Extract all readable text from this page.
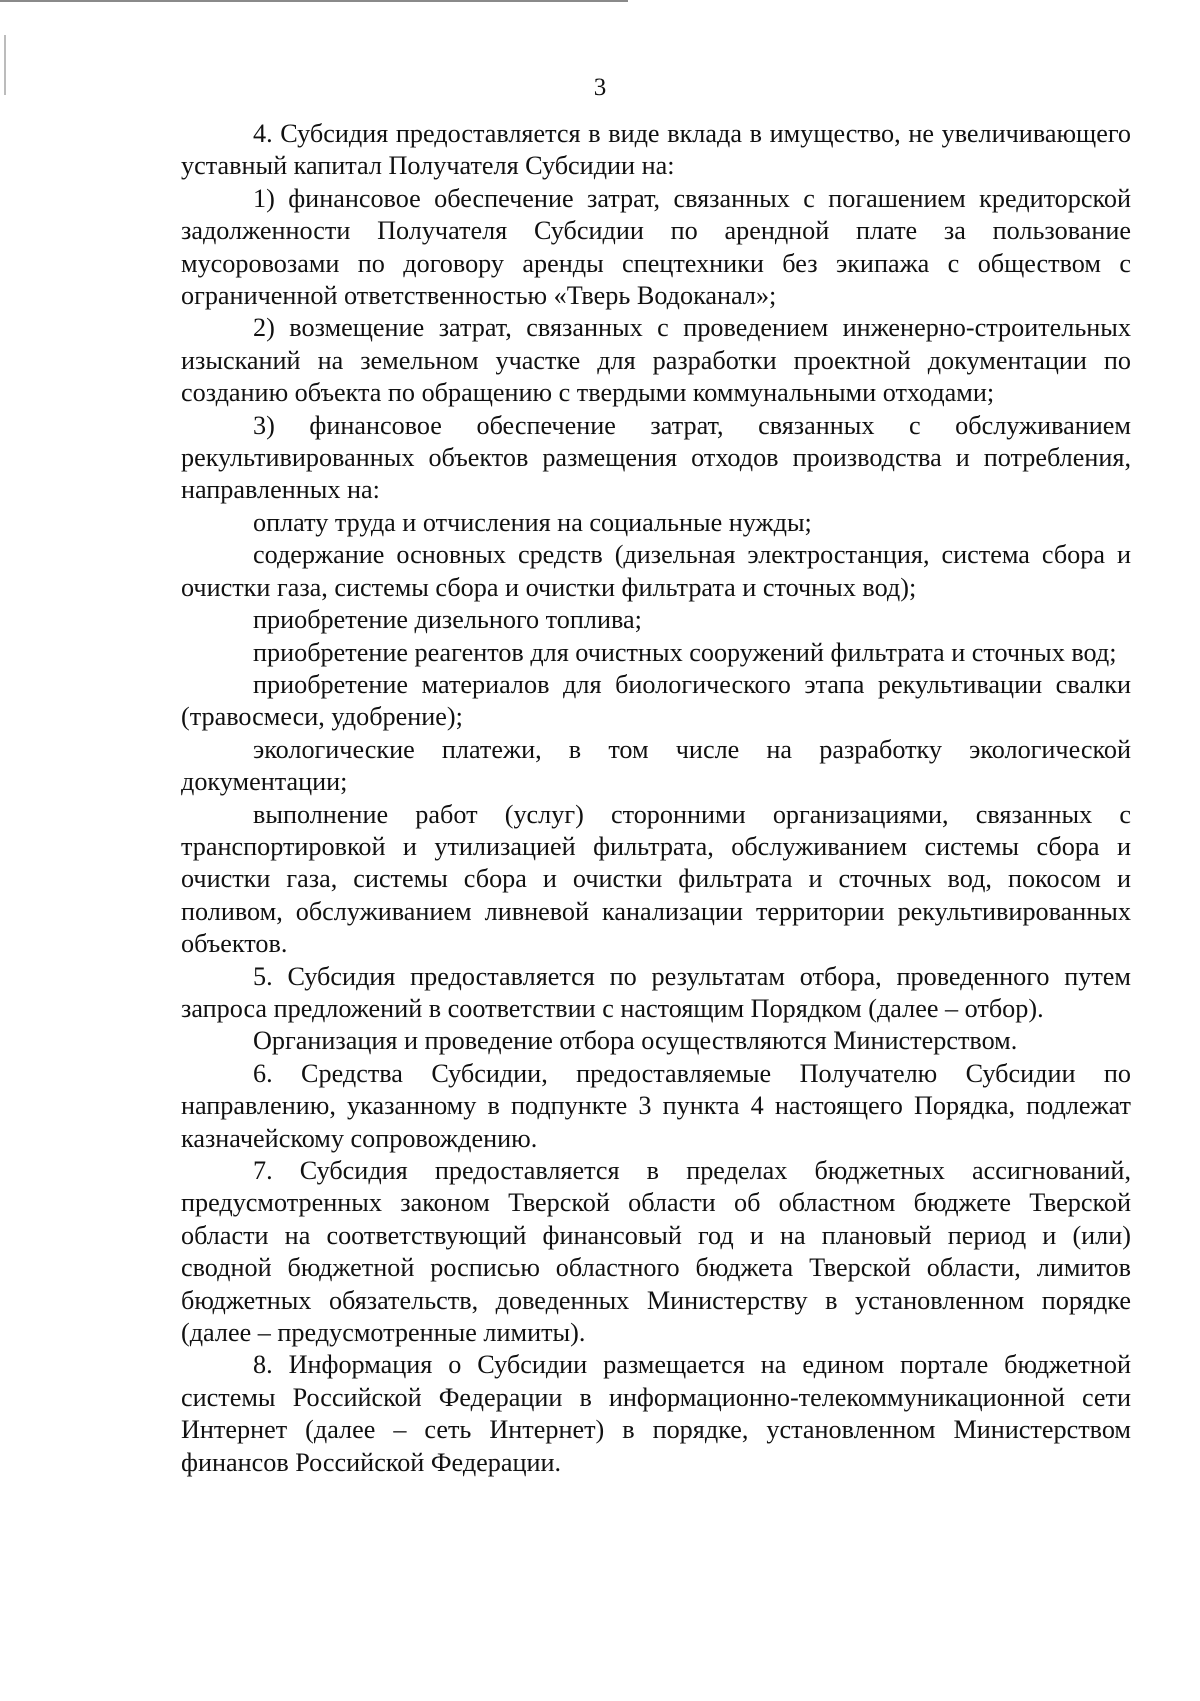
3

4. Субсидия предоставляется в виде вклада в имущество, не увеличивающего уставный капитал Получателя Субсидии на:

1) финансовое обеспечение затрат, связанных с погашением кредиторской задолженности Получателя Субсидии по арендной плате за пользование мусоровозами по договору аренды спецтехники без экипажа с обществом с ограниченной ответственностью «Тверь Водоканал»;

2) возмещение затрат, связанных с проведением инженерно-строительных изысканий на земельном участке для разработки проектной документации по созданию объекта по обращению с твердыми коммунальными отходами;

3) финансовое обеспечение затрат, связанных с обслуживанием рекультивированных объектов размещения отходов производства и потребления, направленных на:

оплату труда и отчисления на социальные нужды;

содержание основных средств (дизельная электростанция, система сбора и очистки газа, системы сбора и очистки фильтрата и сточных вод);

приобретение дизельного топлива;

приобретение реагентов для очистных сооружений фильтрата и сточных вод;

приобретение материалов для биологического этапа рекультивации свалки (травосмеси, удобрение);

экологические платежи, в том числе на разработку экологической документации;

выполнение работ (услуг) сторонними организациями, связанных с транспортировкой и утилизацией фильтрата, обслуживанием системы сбора и очистки газа, системы сбора и очистки фильтрата и сточных вод, покосом и поливом, обслуживанием ливневой канализации территории рекультивированных объектов.

5. Субсидия предоставляется по результатам отбора, проведенного путем запроса предложений в соответствии с настоящим Порядком (далее – отбор).

Организация и проведение отбора осуществляются Министерством.

6. Средства Субсидии, предоставляемые Получателю Субсидии по направлению, указанному в подпункте 3 пункта 4 настоящего Порядка, подлежат казначейскому сопровождению.

7. Субсидия предоставляется в пределах бюджетных ассигнований, предусмотренных законом Тверской области об областном бюджете Тверской области на соответствующий финансовый год и на плановый период и (или) сводной бюджетной росписью областного бюджета Тверской области, лимитов бюджетных обязательств, доведенных Министерству в установленном порядке (далее – предусмотренные лимиты).

8. Информация о Субсидии размещается на едином портале бюджетной системы Российской Федерации в информационно-телекоммуникационной сети Интернет (далее – сеть Интернет) в порядке, установленном Министерством финансов Российской Федерации.
